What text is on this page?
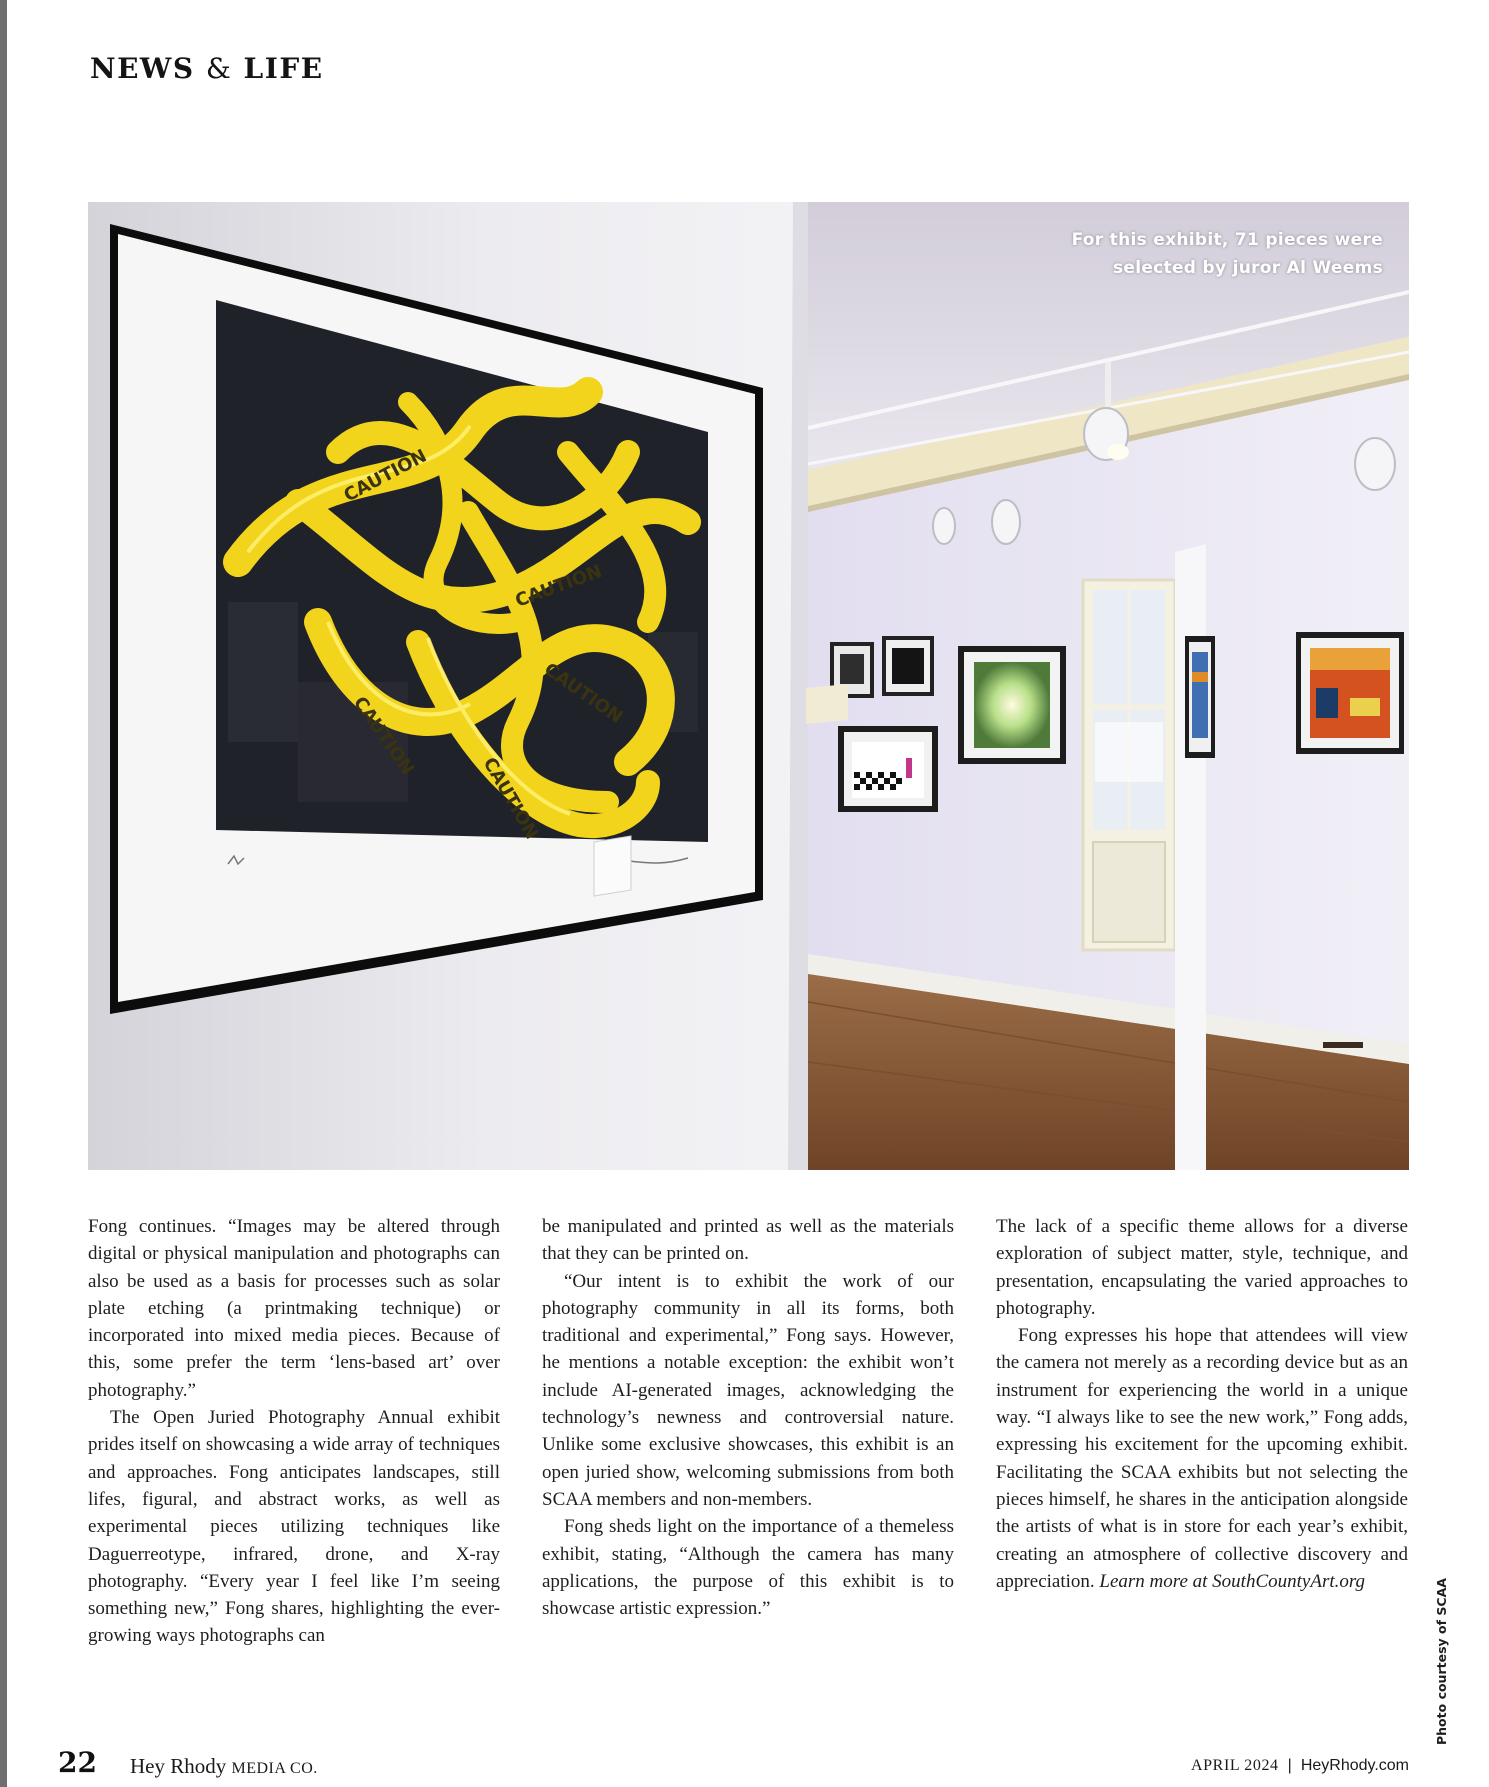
NEWS & LIFE
CAUTION
CAUTION
CAUTION	CAUTION
CAUTION

For this exhibit, 71 pieces were
selected by juror Al Weems

Fong continues. “Images may be altered through digital or physical manipulation and photographs can also be used as a basis for processes such as solar plate etching (a printmaking technique) or incorporated into mixed media pieces. Because of this, some prefer the term ‘lens-based art’ over photography.”

The Open Juried Photography Annual exhibit prides itself on showcasing a wide array of techniques and approaches. Fong anticipates landscapes, still lifes, figural, and abstract works, as well as experimental pieces utilizing techniques like Daguerreotype, infrared, drone, and X-ray photography. “Every year I feel like I’m seeing something new,” Fong shares, highlighting the ever-growing ways photographs can

be manipulated and printed as well as the materials that they can be printed on.

“Our intent is to exhibit the work of our photography community in all its forms, both traditional and experimental,” Fong says. However, he mentions a notable exception: the exhibit won’t include AI-generated images, acknowledging the technology’s newness and controversial nature. Unlike some exclusive showcases, this exhibit is an open juried show, welcoming submissions from both SCAA members and non-members.

Fong sheds light on the importance of a themeless exhibit, stating, “Although the camera has many applications, the purpose of this exhibit is to showcase artistic expression.”

The lack of a specific theme allows for a diverse exploration of subject matter, style, technique, and presentation, encapsulating the varied approaches to photography.

Fong expresses his hope that attendees will view the camera not merely as a recording device but as an instrument for experiencing the world in a unique way. “I always like to see the new work,” Fong adds, expressing his excitement for the upcoming exhibit. Facilitating the SCAA exhibits but not selecting the pieces himself, he shares in the anticipation alongside the artists of what is in store for each year’s exhibit, creating an atmosphere of collective discovery and appreciation. Learn more at SouthCountyArt.org	Photo courtesy of SCAA

22 Hey Rhody MEDIA CO.	APRIL 2024 | HeyRhody.com
